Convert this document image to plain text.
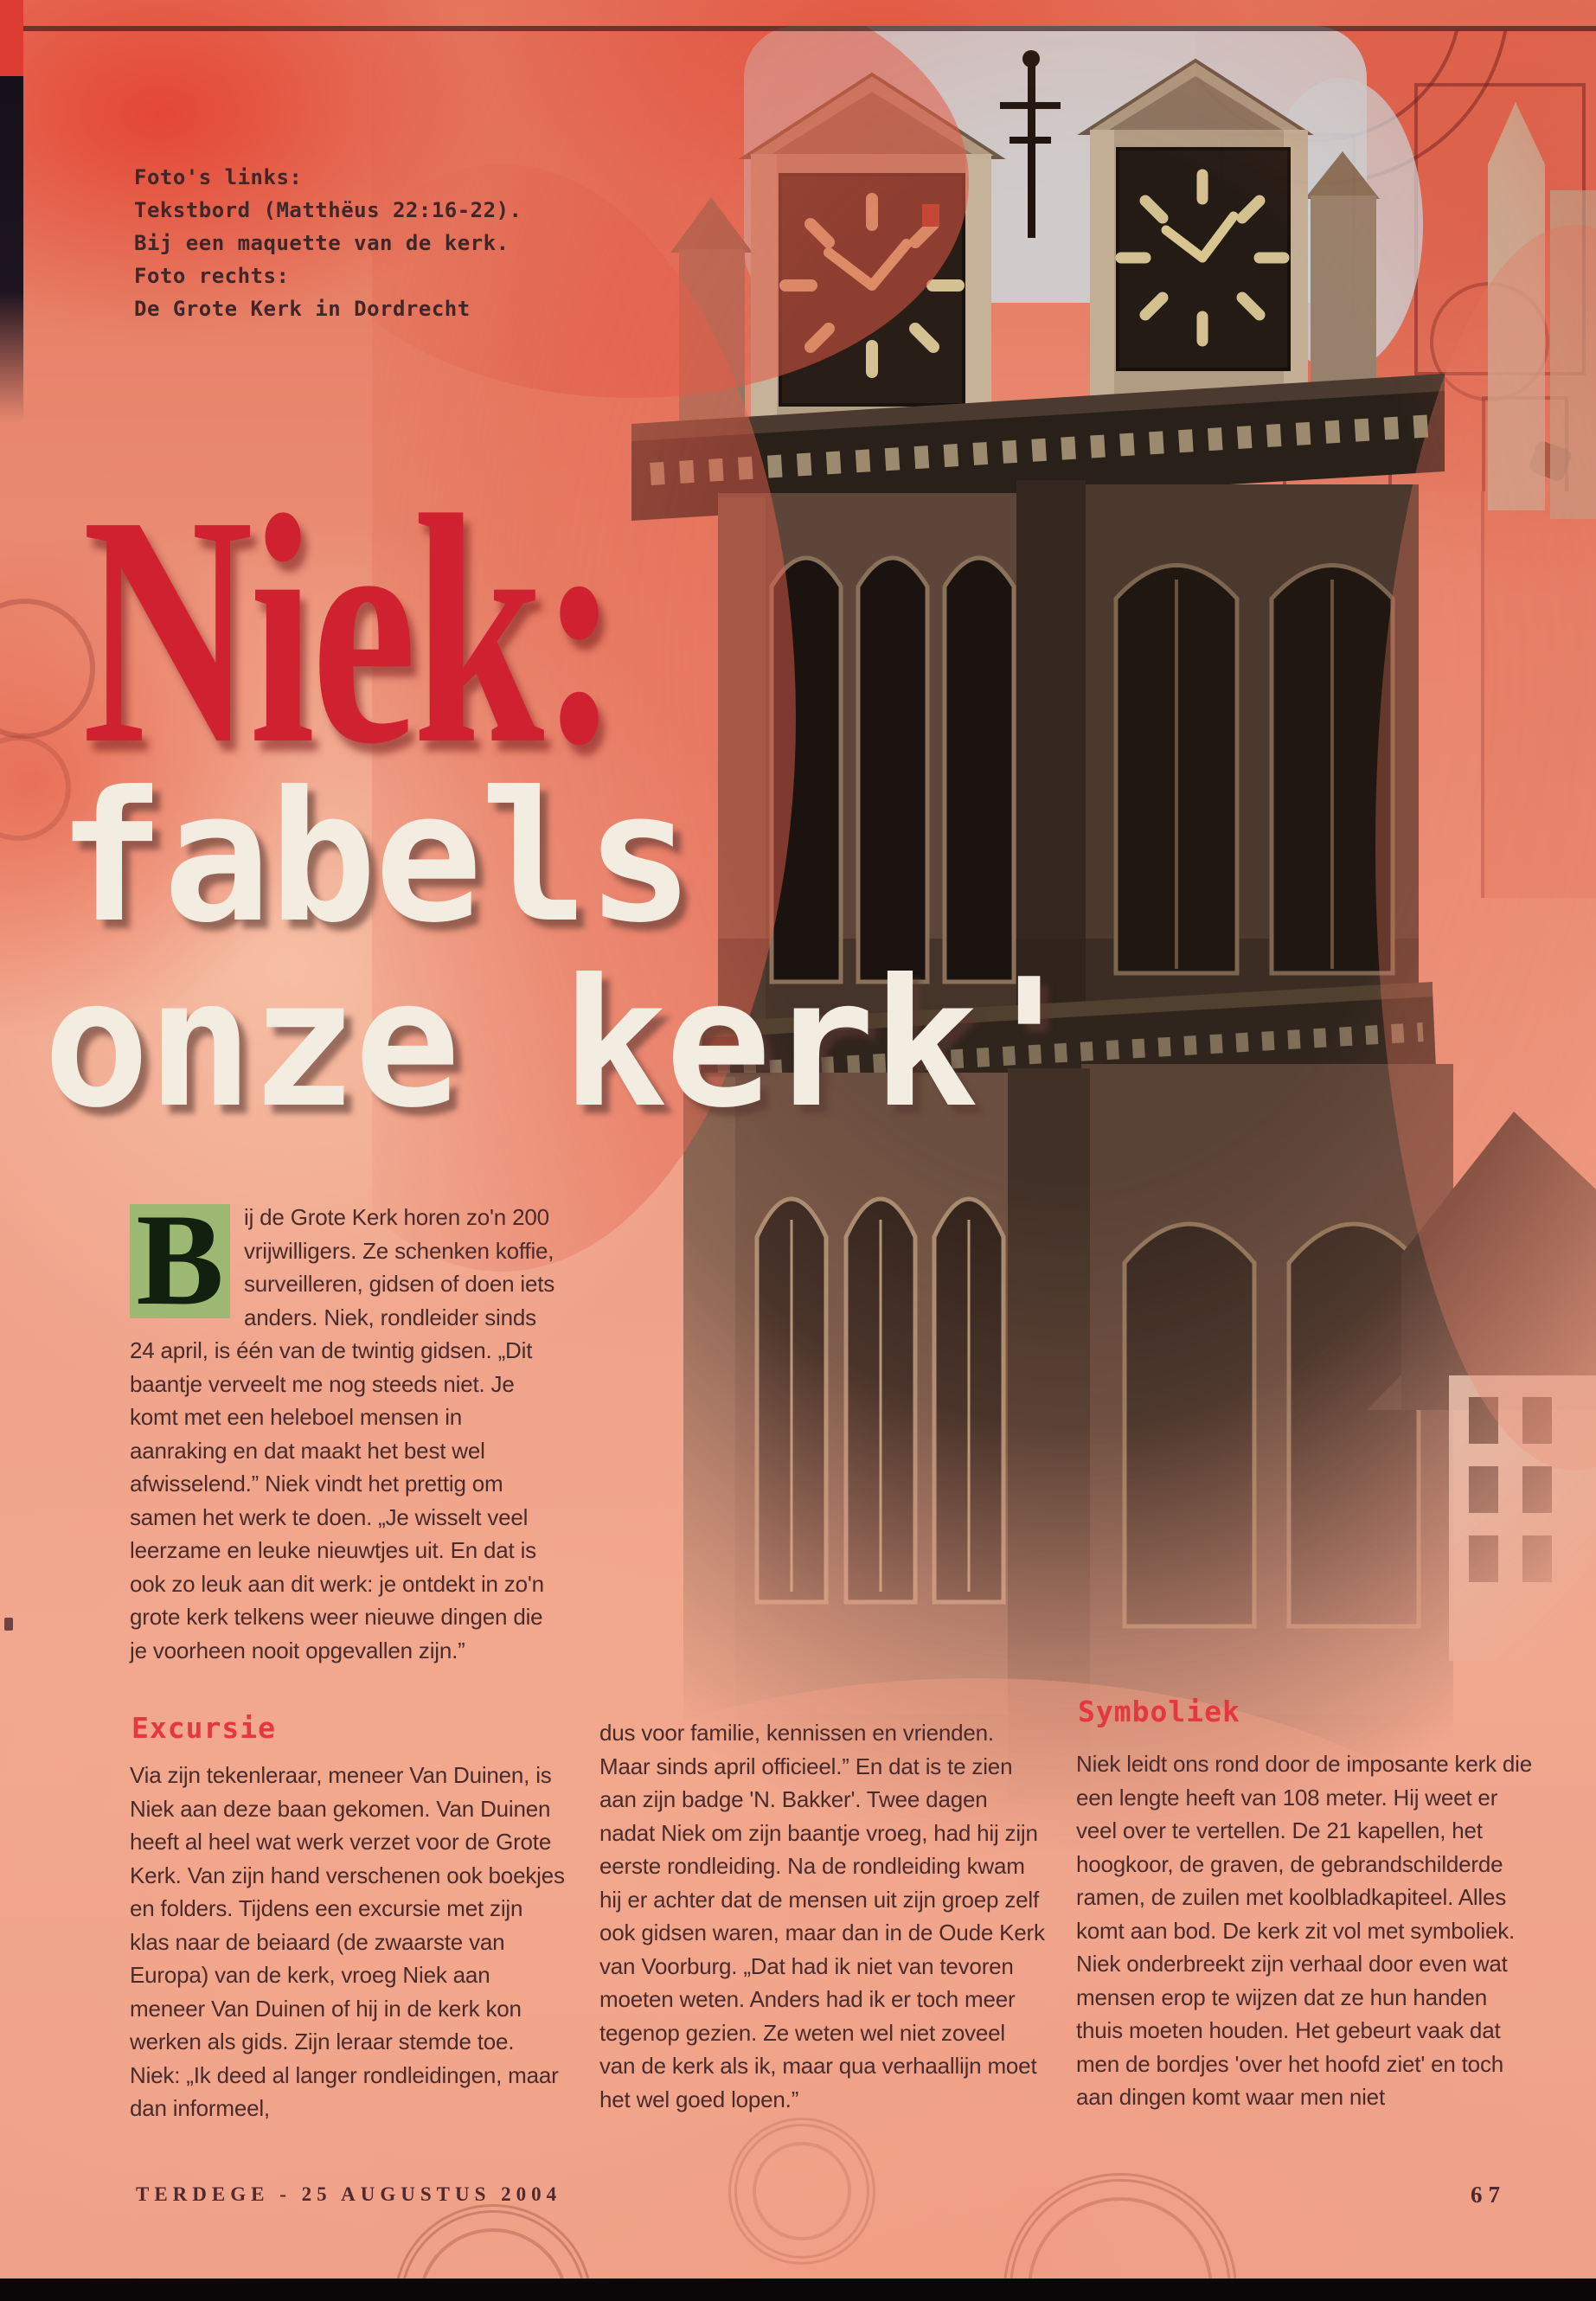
Foto's links:
Tekstbord (Matthëus 22:16-22).
Bij een maquette van de kerk.
Foto rechts:
De Grote Kerk in Dordrecht
Niek:
fabels
onze kerk'

Bij de Grote Kerk horen zo'n 200 vrijwilligers. Ze schenken koffie, surveilleren, gidsen of doen iets anders. Niek, rondleider sinds 24 april, is één van de twintig gidsen. „Dit baantje verveelt me nog steeds niet. Je komt met een heleboel mensen in aanraking en dat maakt het best wel afwisselend.” Niek vindt het prettig om samen het werk te doen. „Je wisselt veel leerzame en leuke nieuwtjes uit. En dat is ook zo leuk aan dit werk: je ontdekt in zo'n grote kerk telkens weer nieuwe dingen die je voorheen nooit opgevallen zijn.”

Excursie

Via zijn tekenleraar, meneer Van Duinen, is Niek aan deze baan gekomen. Van Duinen heeft al heel wat werk verzet voor de Grote Kerk. Van zijn hand verschenen ook boekjes en folders. Tijdens een excursie met zijn klas naar de beiaard (de zwaarste van Europa) van de kerk, vroeg Niek aan meneer Van Duinen of hij in de kerk kon werken als gids. Zijn leraar stemde toe. Niek: „Ik deed al langer rondleidingen, maar dan informeel,

dus voor familie, kennissen en vrienden. Maar sinds april officieel.” En dat is te zien aan zijn badge 'N. Bakker'. Twee dagen nadat Niek om zijn baantje vroeg, had hij zijn eerste rondleiding. Na de rondleiding kwam hij er achter dat de mensen uit zijn groep zelf ook gidsen waren, maar dan in de Oude Kerk van Voorburg. „Dat had ik niet van tevoren moeten weten. Anders had ik er toch meer tegenop gezien. Ze weten wel niet zoveel van de kerk als ik, maar qua verhaallijn moet het wel goed lopen.”

Symboliek

Niek leidt ons rond door de imposante kerk die een lengte heeft van 108 meter. Hij weet er veel over te vertellen. De 21 kapellen, het hoogkoor, de graven, de gebrandschilderde ramen, de zuilen met koolbladkapiteel. Alles komt aan bod. De kerk zit vol met symboliek. Niek onderbreekt zijn verhaal door even wat mensen erop te wijzen dat ze hun handen thuis moeten houden. Het gebeurt vaak dat men de bordjes 'over het hoofd ziet' en toch aan dingen komt waar men niet

TERDEGE - 25 AUGUSTUS 2004	67
